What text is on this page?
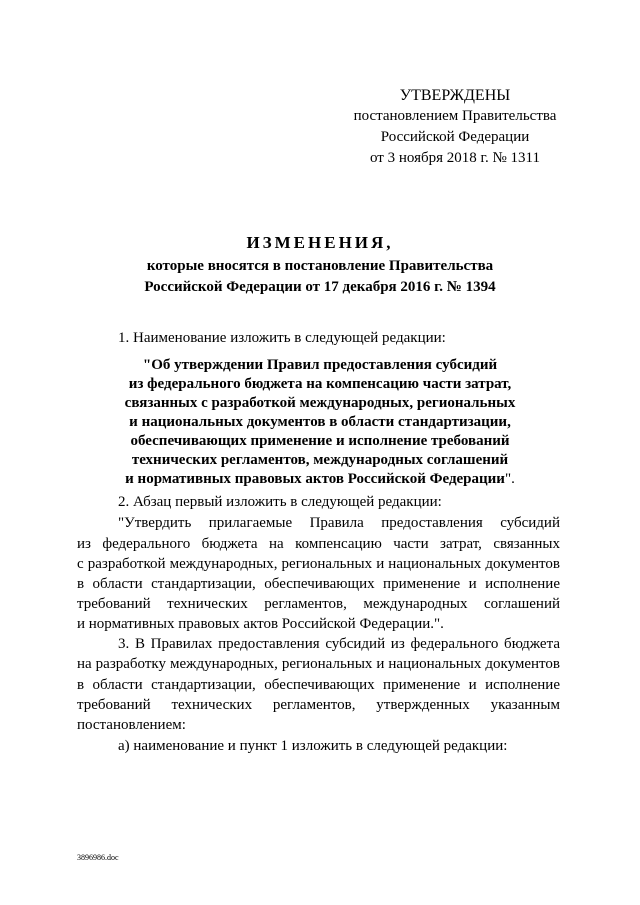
УТВЕРЖДЕНЫ
постановлением Правительства
Российской Федерации
от 3 ноября 2018 г. № 1311
ИЗМЕНЕНИЯ,
которые вносятся в постановление Правительства
Российской Федерации от 17 декабря 2016 г. № 1394
1. Наименование изложить в следующей редакции:
"Об утверждении Правил предоставления субсидий
из федерального бюджета на компенсацию части затрат,
связанных с разработкой международных, региональных
и национальных документов в области стандартизации,
обеспечивающих применение и исполнение требований
технических регламентов, международных соглашений
и нормативных правовых актов Российской Федерации".
2. Абзац первый изложить в следующей редакции:
"Утвердить прилагаемые Правила предоставления субсидий
из федерального бюджета на компенсацию части затрат, связанных
с разработкой международных, региональных и национальных документов
в области стандартизации, обеспечивающих применение и исполнение
требований технических регламентов, международных соглашений
и нормативных правовых актов Российской Федерации.".
3. В Правилах предоставления субсидий из федерального бюджета
на разработку международных, региональных и национальных документов
в области стандартизации, обеспечивающих применение и исполнение
требований технических регламентов, утвержденных указанным
постановлением:
а) наименование и пункт 1 изложить в следующей редакции:
3896986.doc
